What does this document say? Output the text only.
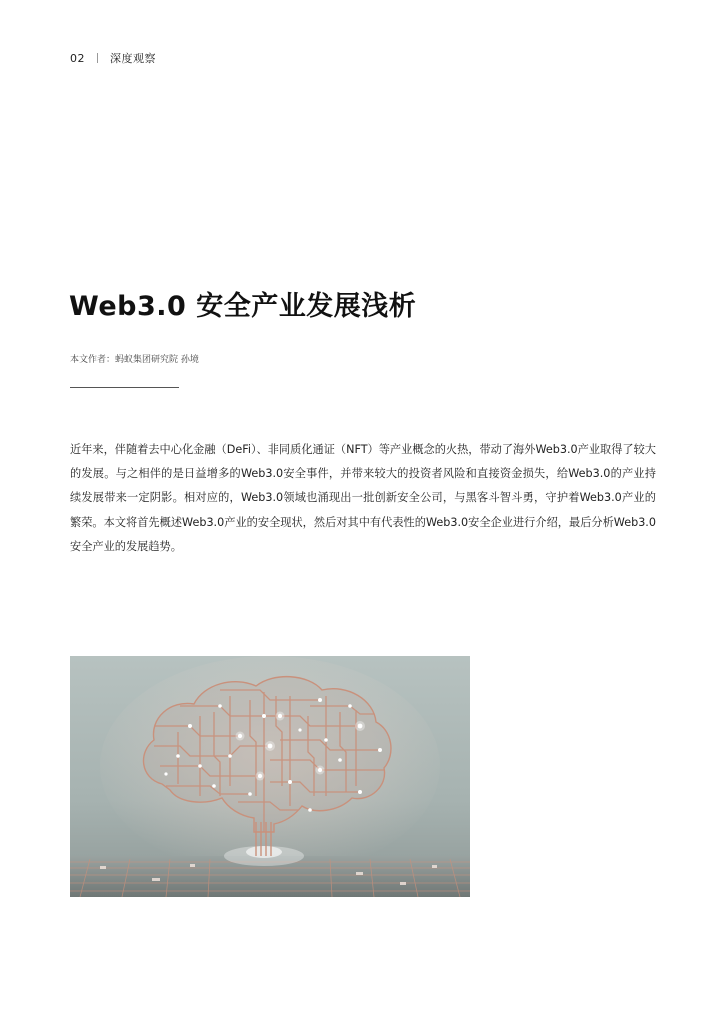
02 深度观察
Web3.0 安全产业发展浅析
本文作者：蚂蚁集团研究院 孙境

近年来，伴随着去中心化金融（DeFi）、非同质化通证（NFT）等产业概念的火热，带动了海外Web3.0产业取得了较大的发展。与之相伴的是日益增多的Web3.0安全事件，并带来较大的投资者风险和直接资金损失，给Web3.0的产业持续发展带来一定阴影。相对应的，Web3.0领域也涌现出一批创新安全公司，与黑客斗智斗勇，守护着Web3.0产业的繁荣。本文将首先概述Web3.0产业的安全现状，然后对其中有代表性的Web3.0安全企业进行介绍，最后分析Web3.0安全产业的发展趋势。
